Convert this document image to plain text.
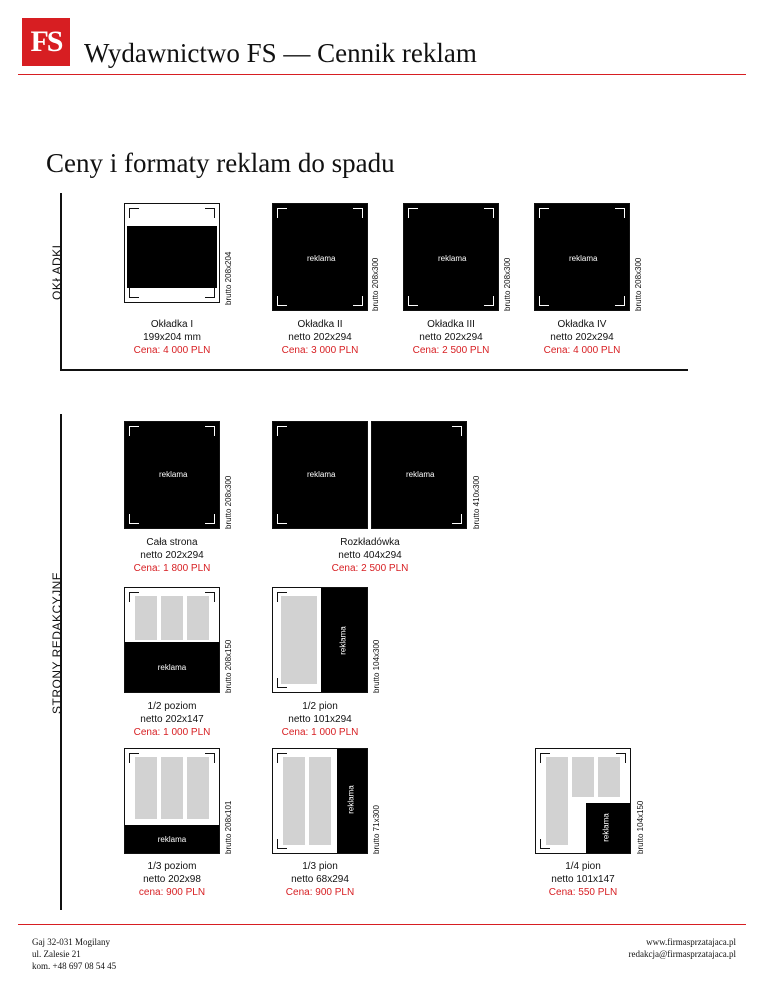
FS Wydawnictwo FS — Cennik reklam
Ceny i formaty reklam do spadu
OKŁADKI
STRONY REDAKCYJNE
brutto 208x204
Okładka I
199x204 mm
Cena: 4 000 PLN
reklama	brutto 208x300
Okładka II
netto 202x294
Cena: 3 000 PLN
reklama	brutto 208x300
Okładka III
netto 202x294
Cena: 2 500 PLN
reklama	brutto 208x300
Okładka IV
netto 202x294
Cena: 4 000 PLN
reklama
brutto 208x300
Cała strona
netto 202x294
Cena: 1 800 PLN
reklama	reklama
brutto 410x300
Rozkładówka
netto 404x294
Cena: 2 500 PLN
reklama	brutto 208x150
1/2 poziom
netto 202x147
Cena: 1 000 PLN
reklama	brutto 104x300
1/2 pion
netto 101x294
Cena: 1 000 PLN
reklama	brutto 208x101
1/3 poziom
netto 202x98
cena: 900 PLN
reklama
brutto 71x300
1/3 pion
netto 68x294
Cena: 900 PLN
reklama	brutto 104x150
1/4 pion
netto 101x147
Cena: 550 PLN
Gaj 32-031 Mogilany
ul. Zalesie 21
kom. +48 697 08 54 45
www.firmasprzatajaca.pl
redakcja@firmasprzatajaca.pl
